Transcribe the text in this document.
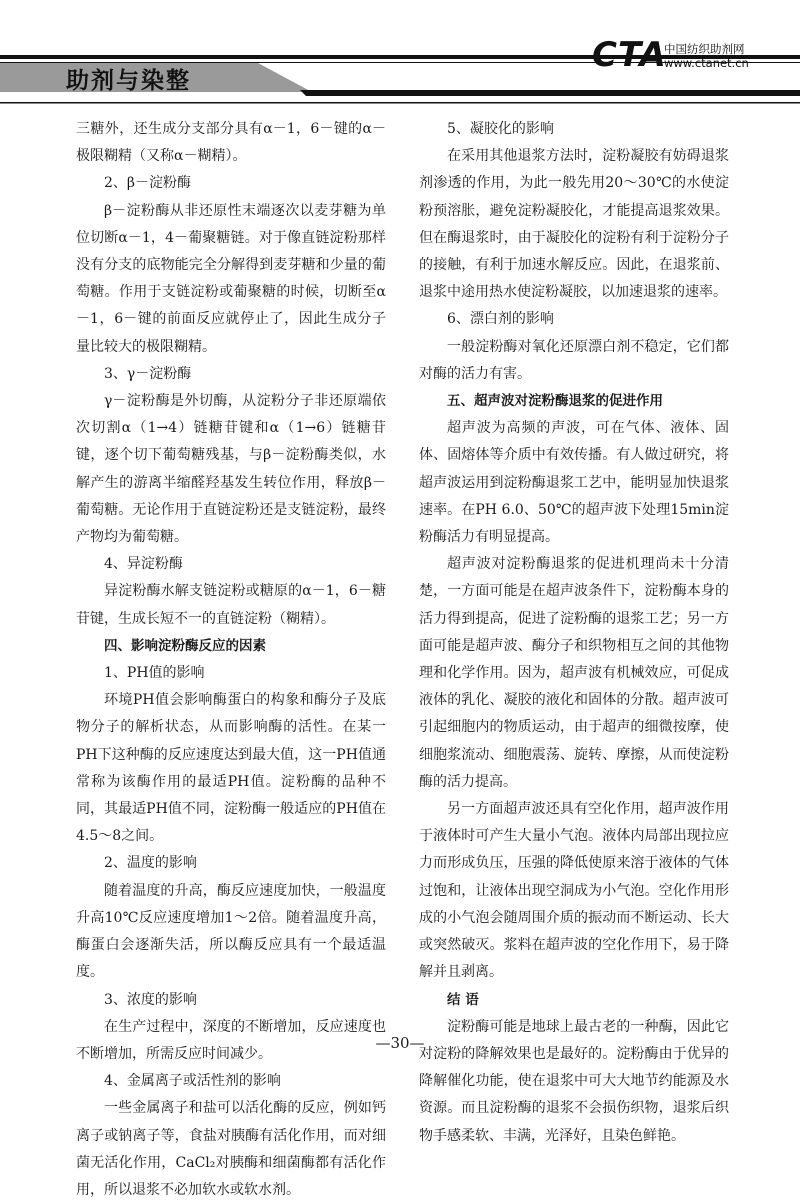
助剂与染整
CTA
中国纺织助剂网
www.ctanet.cn

三糖外，还生成分支部分具有α－1，6－键的α－极限糊精（又称α－糊精）。

2、β－淀粉酶

β－淀粉酶从非还原性末端逐次以麦芽糖为单位切断α－1，4－葡聚糖链。对于像直链淀粉那样没有分支的底物能完全分解得到麦芽糖和少量的葡萄糖。作用于支链淀粉或葡聚糖的时候，切断至α－1，6－键的前面反应就停止了，因此生成分子量比较大的极限糊精。

3、γ－淀粉酶

γ－淀粉酶是外切酶，从淀粉分子非还原端依次切割α（1→4）链糖苷键和α（1→6）链糖苷键，逐个切下葡萄糖残基，与β－淀粉酶类似，水解产生的游离半缩醛羟基发生转位作用，释放β－葡萄糖。无论作用于直链淀粉还是支链淀粉，最终产物均为葡萄糖。

4、异淀粉酶

异淀粉酶水解支链淀粉或糖原的α－1，6－糖苷键，生成长短不一的直链淀粉（糊精）。

四、影响淀粉酶反应的因素

1、PH值的影响

环境PH值会影响酶蛋白的构象和酶分子及底物分子的解析状态，从而影响酶的活性。在某一PH下这种酶的反应速度达到最大值，这一PH值通常称为该酶作用的最适PH值。淀粉酶的品种不同，其最适PH值不同，淀粉酶一般适应的PH值在4.5～8之间。

2、温度的影响

随着温度的升高，酶反应速度加快，一般温度升高10℃反应速度增加1～2倍。随着温度升高，酶蛋白会逐渐失活，所以酶反应具有一个最适温度。

3、浓度的影响

在生产过程中，深度的不断增加，反应速度也不断增加，所需反应时间减少。

4、金属离子或活性剂的影响

一些金属离子和盐可以活化酶的反应，例如钙离子或钠离子等，食盐对胰酶有活化作用，而对细菌无活化作用，CaCl₂对胰酶和细菌酶都有活化作用，所以退浆不必加软水或软水剂。

5、凝胶化的影响

在采用其他退浆方法时，淀粉凝胶有妨碍退浆剂渗透的作用，为此一般先用20～30℃的水使淀粉预溶胀，避免淀粉凝胶化，才能提高退浆效果。但在酶退浆时，由于凝胶化的淀粉有利于淀粉分子的接触，有利于加速水解反应。因此，在退浆前、退浆中途用热水使淀粉凝胶，以加速退浆的速率。

6、漂白剂的影响

一般淀粉酶对氧化还原漂白剂不稳定，它们都对酶的活力有害。

五、超声波对淀粉酶退浆的促进作用

超声波为高频的声波，可在气体、液体、固体、固熔体等介质中有效传播。有人做过研究，将超声波运用到淀粉酶退浆工艺中，能明显加快退浆速率。在PH 6.0、50℃的超声波下处理15min淀粉酶活力有明显提高。

超声波对淀粉酶退浆的促进机理尚未十分清楚，一方面可能是在超声波条件下，淀粉酶本身的活力得到提高，促进了淀粉酶的退浆工艺；另一方面可能是超声波、酶分子和织物相互之间的其他物理和化学作用。因为，超声波有机械效应，可促成液体的乳化、凝胶的液化和固体的分散。超声波可引起细胞内的物质运动，由于超声的细微按摩，使细胞浆流动、细胞震荡、旋转、摩擦，从而使淀粉酶的活力提高。

另一方面超声波还具有空化作用，超声波作用于液体时可产生大量小气泡。液体内局部出现拉应力而形成负压，压强的降低使原来溶于液体的气体过饱和，让液体出现空洞成为小气泡。空化作用形成的小气泡会随周围介质的振动而不断运动、长大或突然破灭。浆料在超声波的空化作用下，易于降解并且剥离。

结 语

淀粉酶可能是地球上最古老的一种酶，因此它对淀粉的降解效果也是最好的。淀粉酶由于优异的降解催化功能，使在退浆中可大大地节约能源及水资源。而且淀粉酶的退浆不会损伤织物，退浆后织物手感柔软、丰满，光泽好，且染色鲜艳。

—30—
